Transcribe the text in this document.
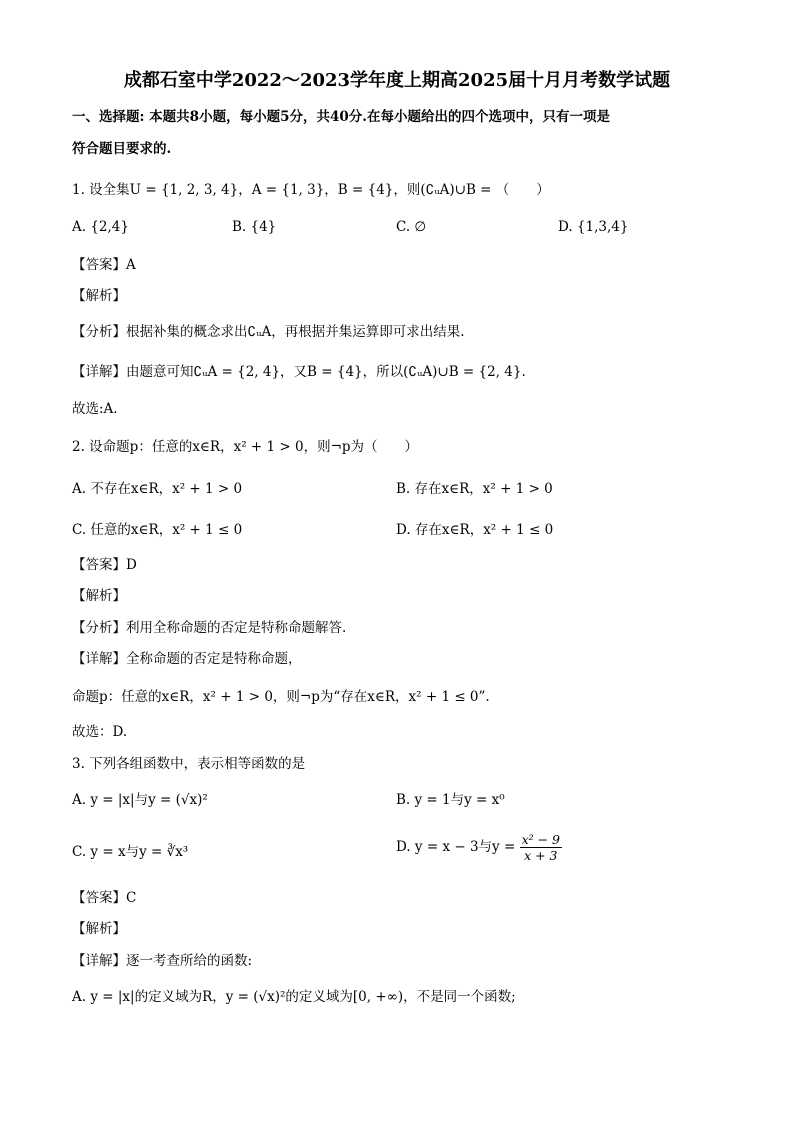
成都石室中学2022～2023学年度上期高2025届十月月考数学试题
一、选择题: 本题共8小题，每小题5分，共40分.在每小题给出的四个选项中，只有一项是
符合题目要求的.
1. 设全集U = {1, 2, 3, 4}，A = {1, 3}，B = {4}，则(∁ᵤA)∪B = （　　）
A. {2,4}	B. {4}	C. ∅	D. {1,3,4}
【答案】A
【解析】
【分析】根据补集的概念求出∁ᵤA，再根据并集运算即可求出结果.
【详解】由题意可知∁ᵤA = {2, 4}，又B = {4}，所以(∁ᵤA)∪B = {2, 4}.
故选:A.
2. 设命题p：任意的x∈R，x² + 1 > 0，则¬p为（　　）
A. 不存在x∈R，x² + 1 > 0	B. 存在x∈R，x² + 1 > 0
C. 任意的x∈R，x² + 1 ≤ 0	D. 存在x∈R，x² + 1 ≤ 0
【答案】D
【解析】
【分析】利用全称命题的否定是特称命题解答.
【详解】全称命题的否定是特称命题，
命题p：任意的x∈R，x² + 1 > 0，则¬p为“存在x∈R，x² + 1 ≤ 0”.
故选：D.
3. 下列各组函数中，表示相等函数的是
A. y = |x|与y = (√x)²	B. y = 1与y = x⁰
C. y = x与y = ∛x³	D. y = x − 3与$y = \frac{\text{x² − 9}}{x + 3}$
【答案】C
【解析】
【详解】逐一考查所给的函数:
A. y = |x|的定义域为R，y = (√x)²的定义域为[0, +∞)，不是同一个函数;
